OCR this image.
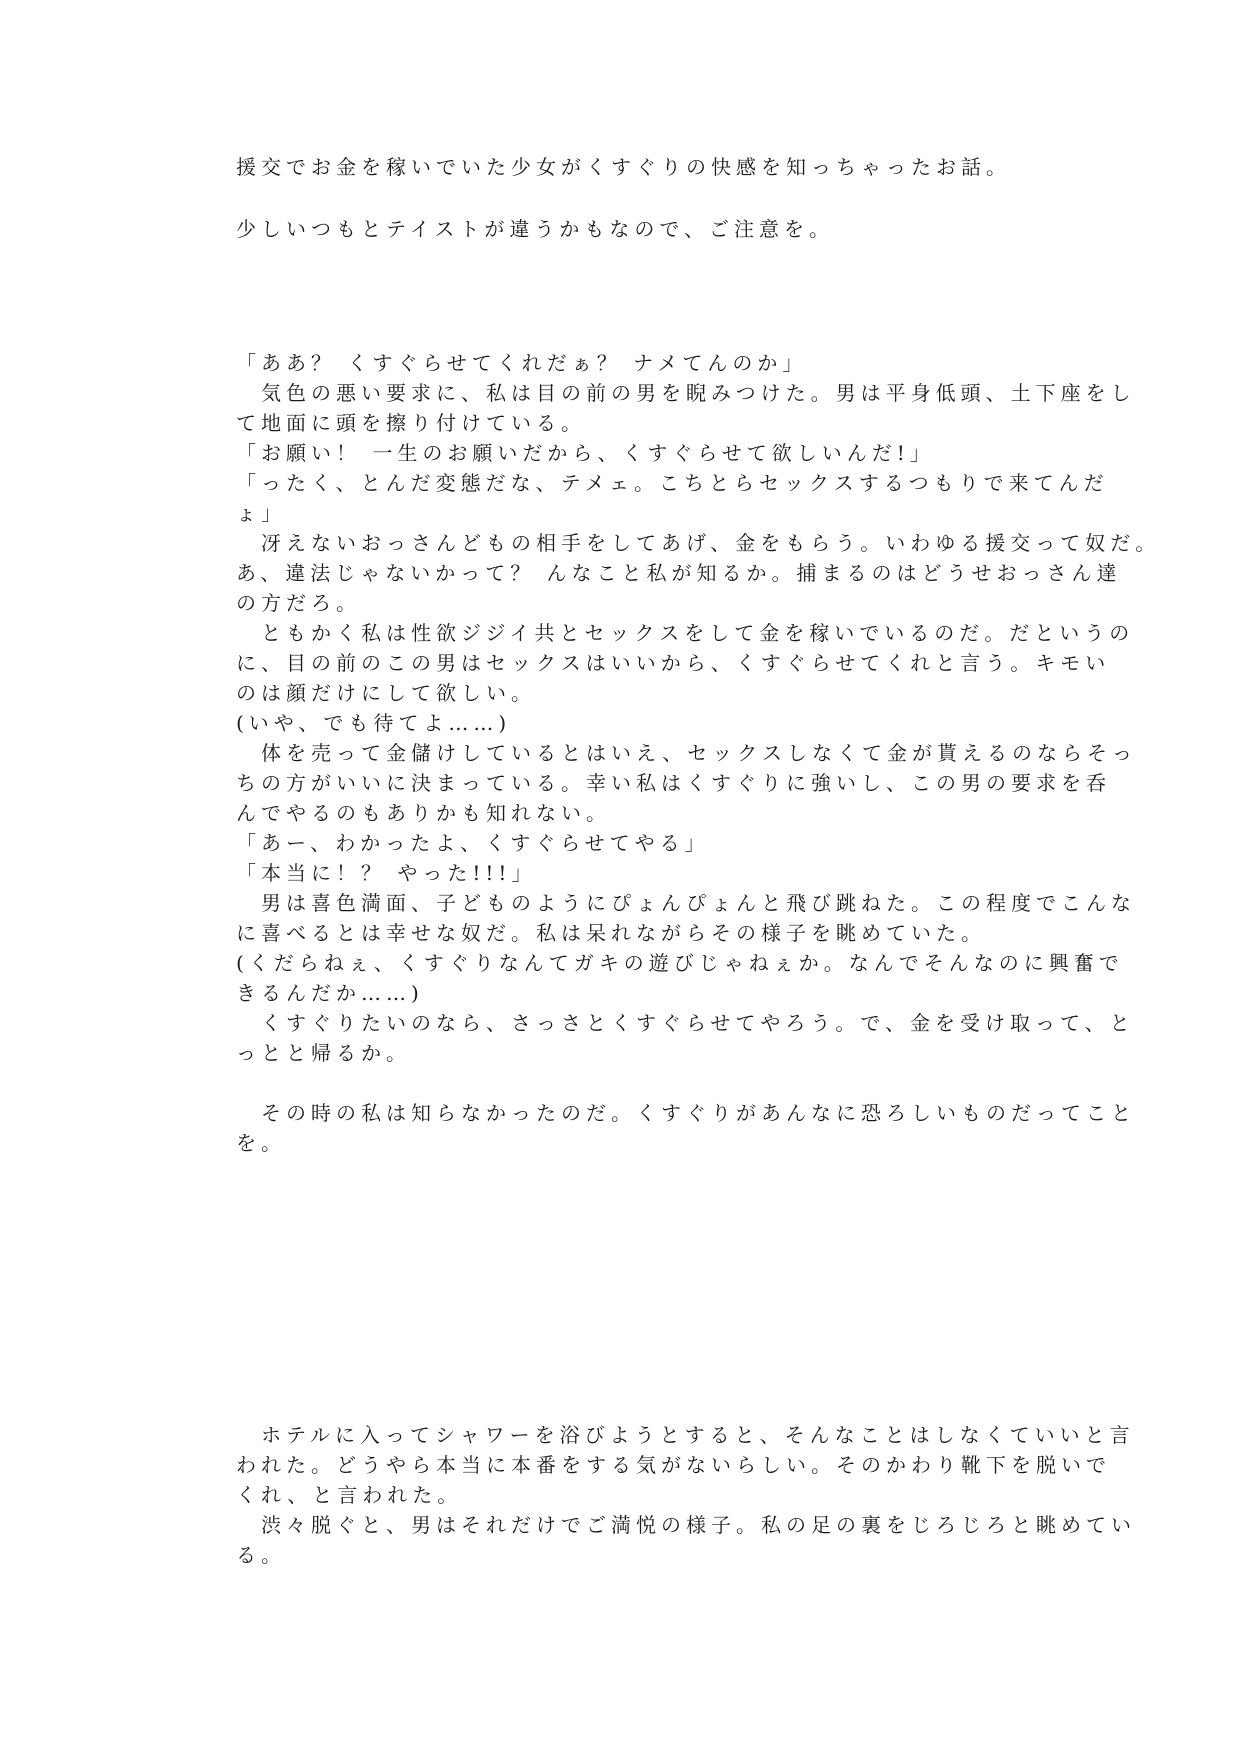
援交でお金を稼いでいた少女がくすぐりの快感を知っちゃったお話。
少しいつもとテイストが違うかもなので、ご注意を。
「ああ？ くすぐらせてくれだぁ？ ナメてんのか」
　気色の悪い要求に、私は目の前の男を睨みつけた。男は平身低頭、土下座をし
て地面に頭を擦り付けている。
「お願い！ 一生のお願いだから、くすぐらせて欲しいんだ!」
「ったく、とんだ変態だな、テメェ。こちとらセックスするつもりで来てんだ
ょ」
　冴えないおっさんどもの相手をしてあげ、金をもらう。いわゆる援交って奴だ。
あ、違法じゃないかって？ んなこと私が知るか。捕まるのはどうせおっさん達
の方だろ。
　ともかく私は性欲ジジイ共とセックスをして金を稼いでいるのだ。だというの
に、目の前のこの男はセックスはいいから、くすぐらせてくれと言う。キモい
のは顔だけにして欲しい。
(いや、でも待てよ……)
　体を売って金儲けしているとはいえ、セックスしなくて金が貰えるのならそっ
ちの方がいいに決まっている。幸い私はくすぐりに強いし、この男の要求を呑
んでやるのもありかも知れない。
「あー、わかったよ、くすぐらせてやる」
「本当に！？ やった!!!」
　男は喜色満面、子どものようにぴょんぴょんと飛び跳ねた。この程度でこんな
に喜べるとは幸せな奴だ。私は呆れながらその様子を眺めていた。
(くだらねぇ、くすぐりなんてガキの遊びじゃねぇか。なんでそんなのに興奮で
きるんだか……)
　くすぐりたいのなら、さっさとくすぐらせてやろう。で、金を受け取って、と
っとと帰るか。
　その時の私は知らなかったのだ。くすぐりがあんなに恐ろしいものだってこと
を。
　ホテルに入ってシャワーを浴びようとすると、そんなことはしなくていいと言
われた。どうやら本当に本番をする気がないらしい。そのかわり靴下を脱いで
くれ、と言われた。
　渋々脱ぐと、男はそれだけでご満悦の様子。私の足の裏をじろじろと眺めてい
る。
